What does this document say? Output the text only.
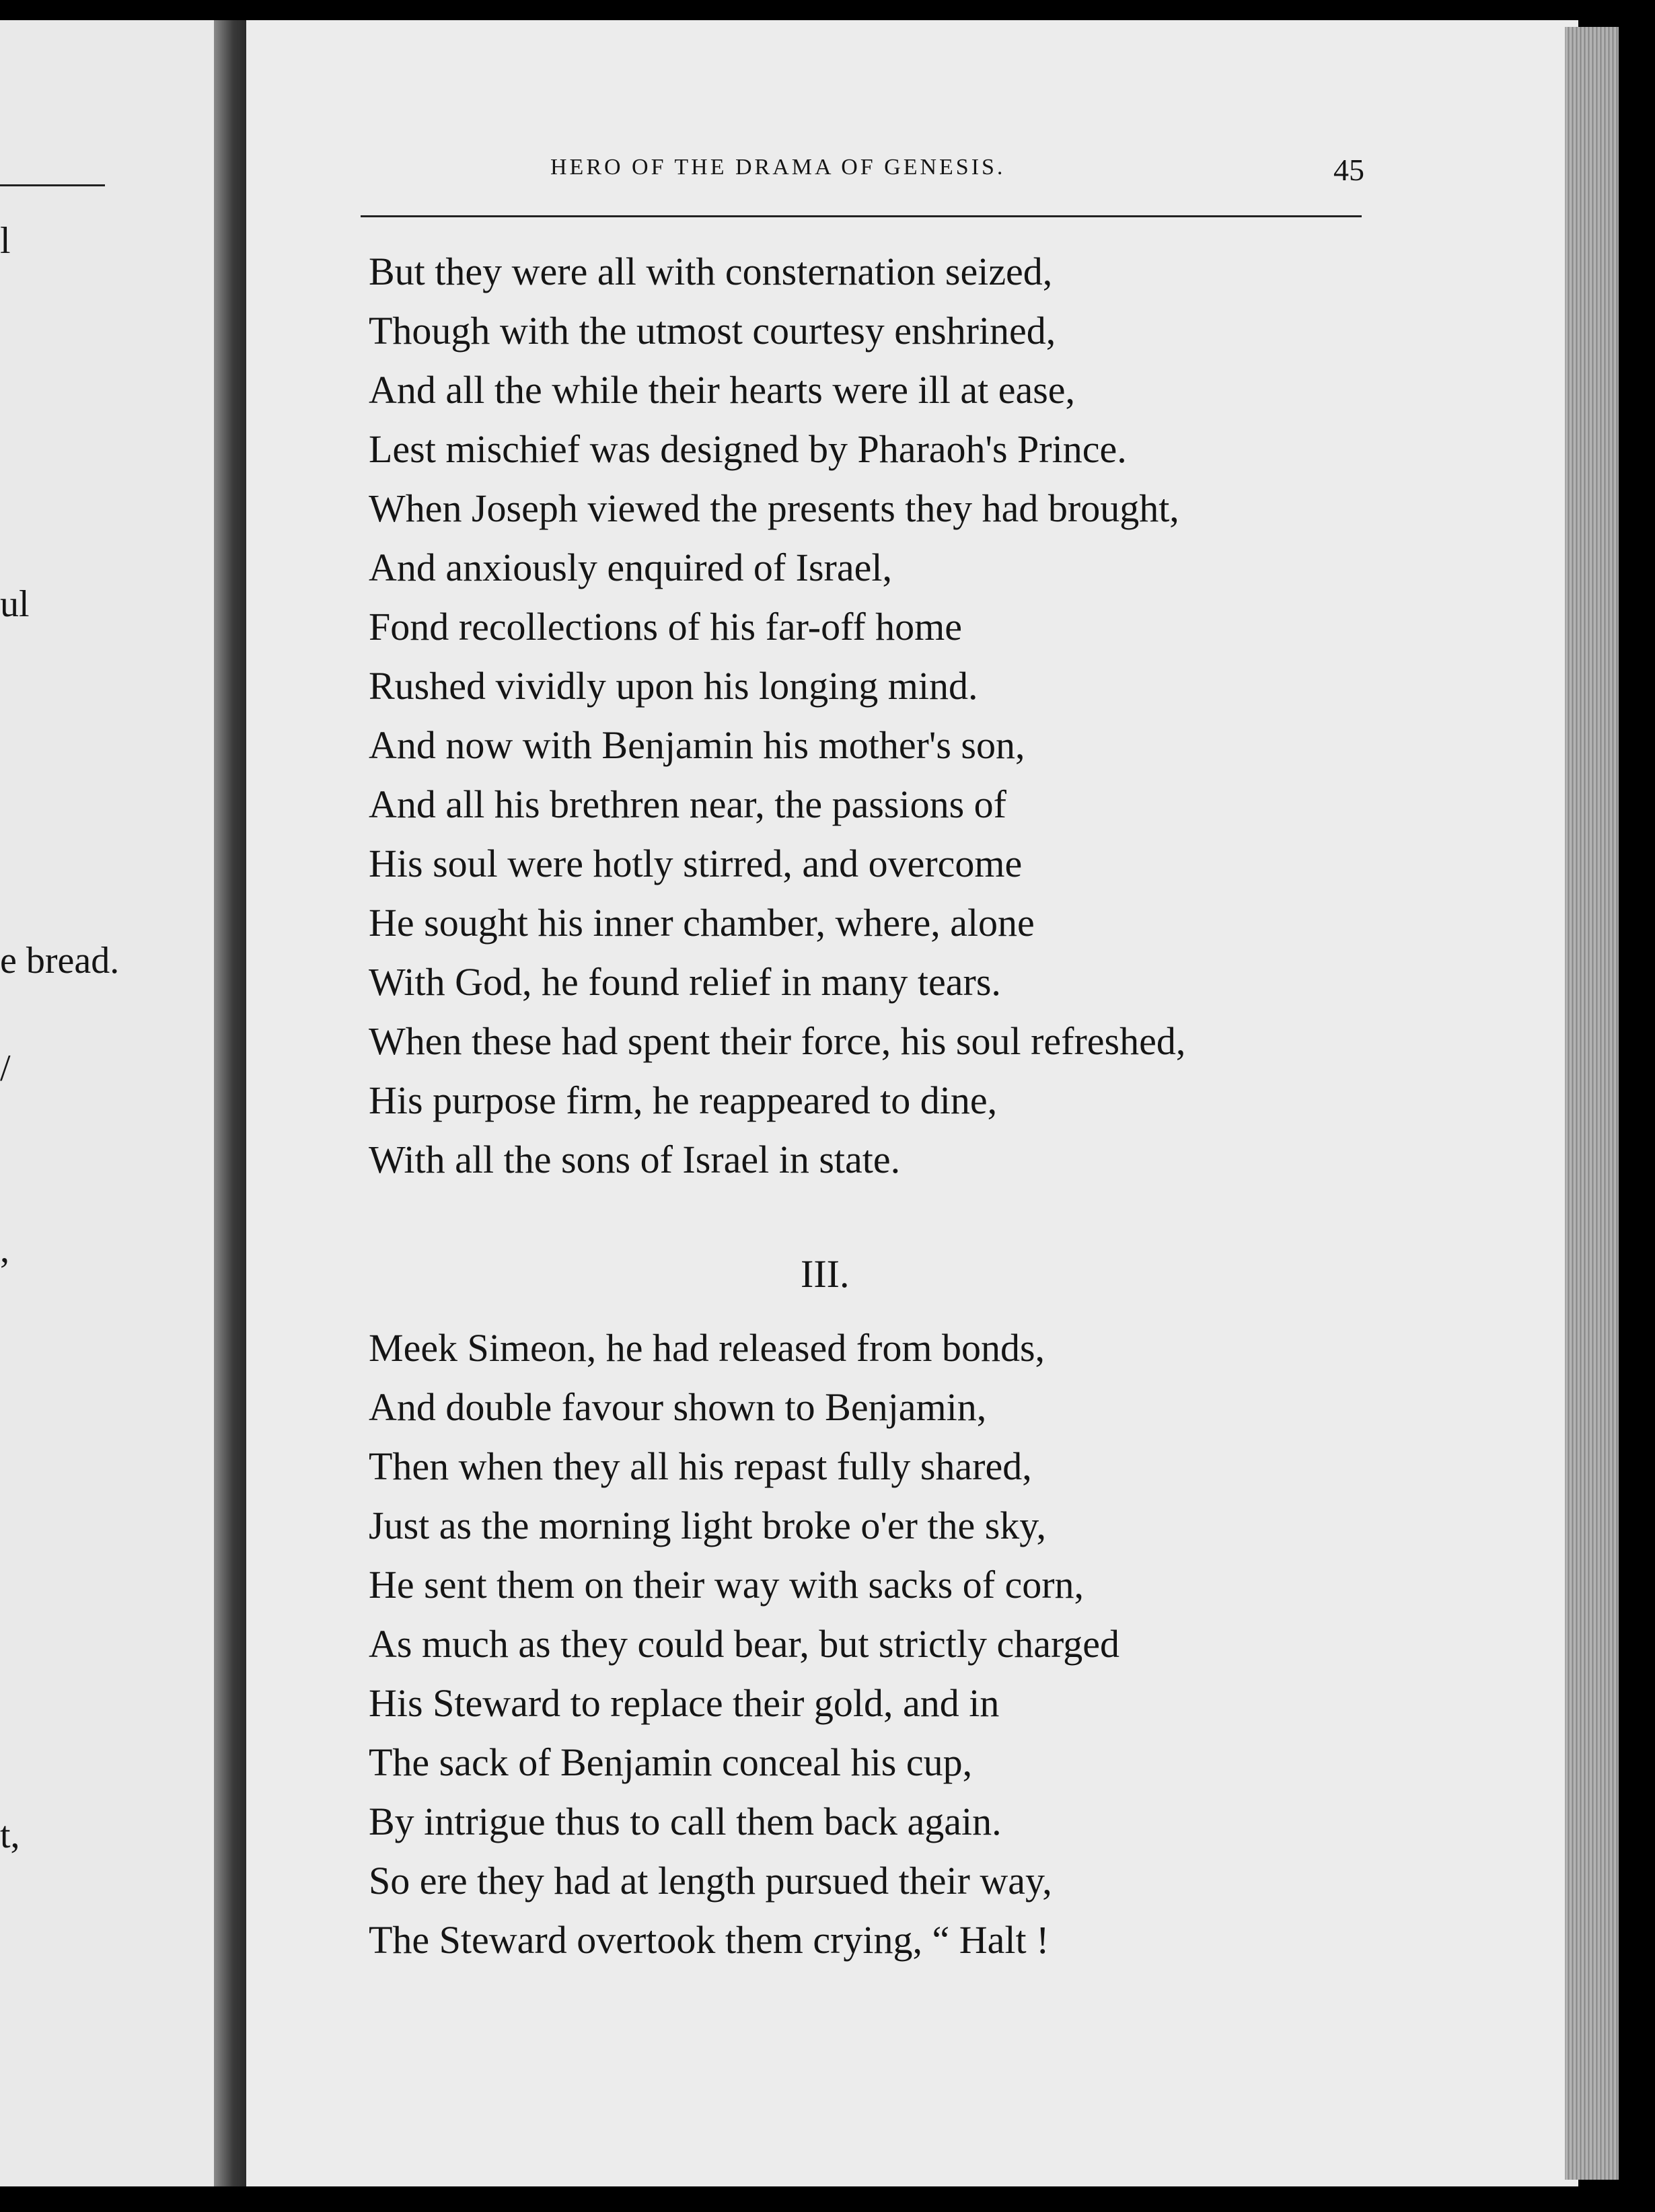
l
ul
e bread.
/
,
t,
HERO OF THE DRAMA OF GENESIS.	45
But they were all with consternation seized,
Though with the utmost courtesy enshrined,
And all the while their hearts were ill at ease,
Lest mischief was designed by Pharaoh's Prince.
When Joseph viewed the presents they had brought,
And anxiously enquired of Israel,
Fond recollections of his far-off home
Rushed vividly upon his longing mind.
And now with Benjamin his mother's son,
And all his brethren near, the passions of
His soul were hotly stirred, and overcome
He sought his inner chamber, where, alone
With God, he found relief in many tears.
When these had spent their force, his soul refreshed,
His purpose firm, he reappeared to dine,
With all the sons of Israel in state.
III.
Meek Simeon, he had released from bonds,
And double favour shown to Benjamin,
Then when they all his repast fully shared,
Just as the morning light broke o'er the sky,
He sent them on their way with sacks of corn,
As much as they could bear, but strictly charged
His Steward to replace their gold, and in
The sack of Benjamin conceal his cup,
By intrigue thus to call them back again.
So ere they had at length pursued their way,
The Steward overtook them crying, “ Halt !
